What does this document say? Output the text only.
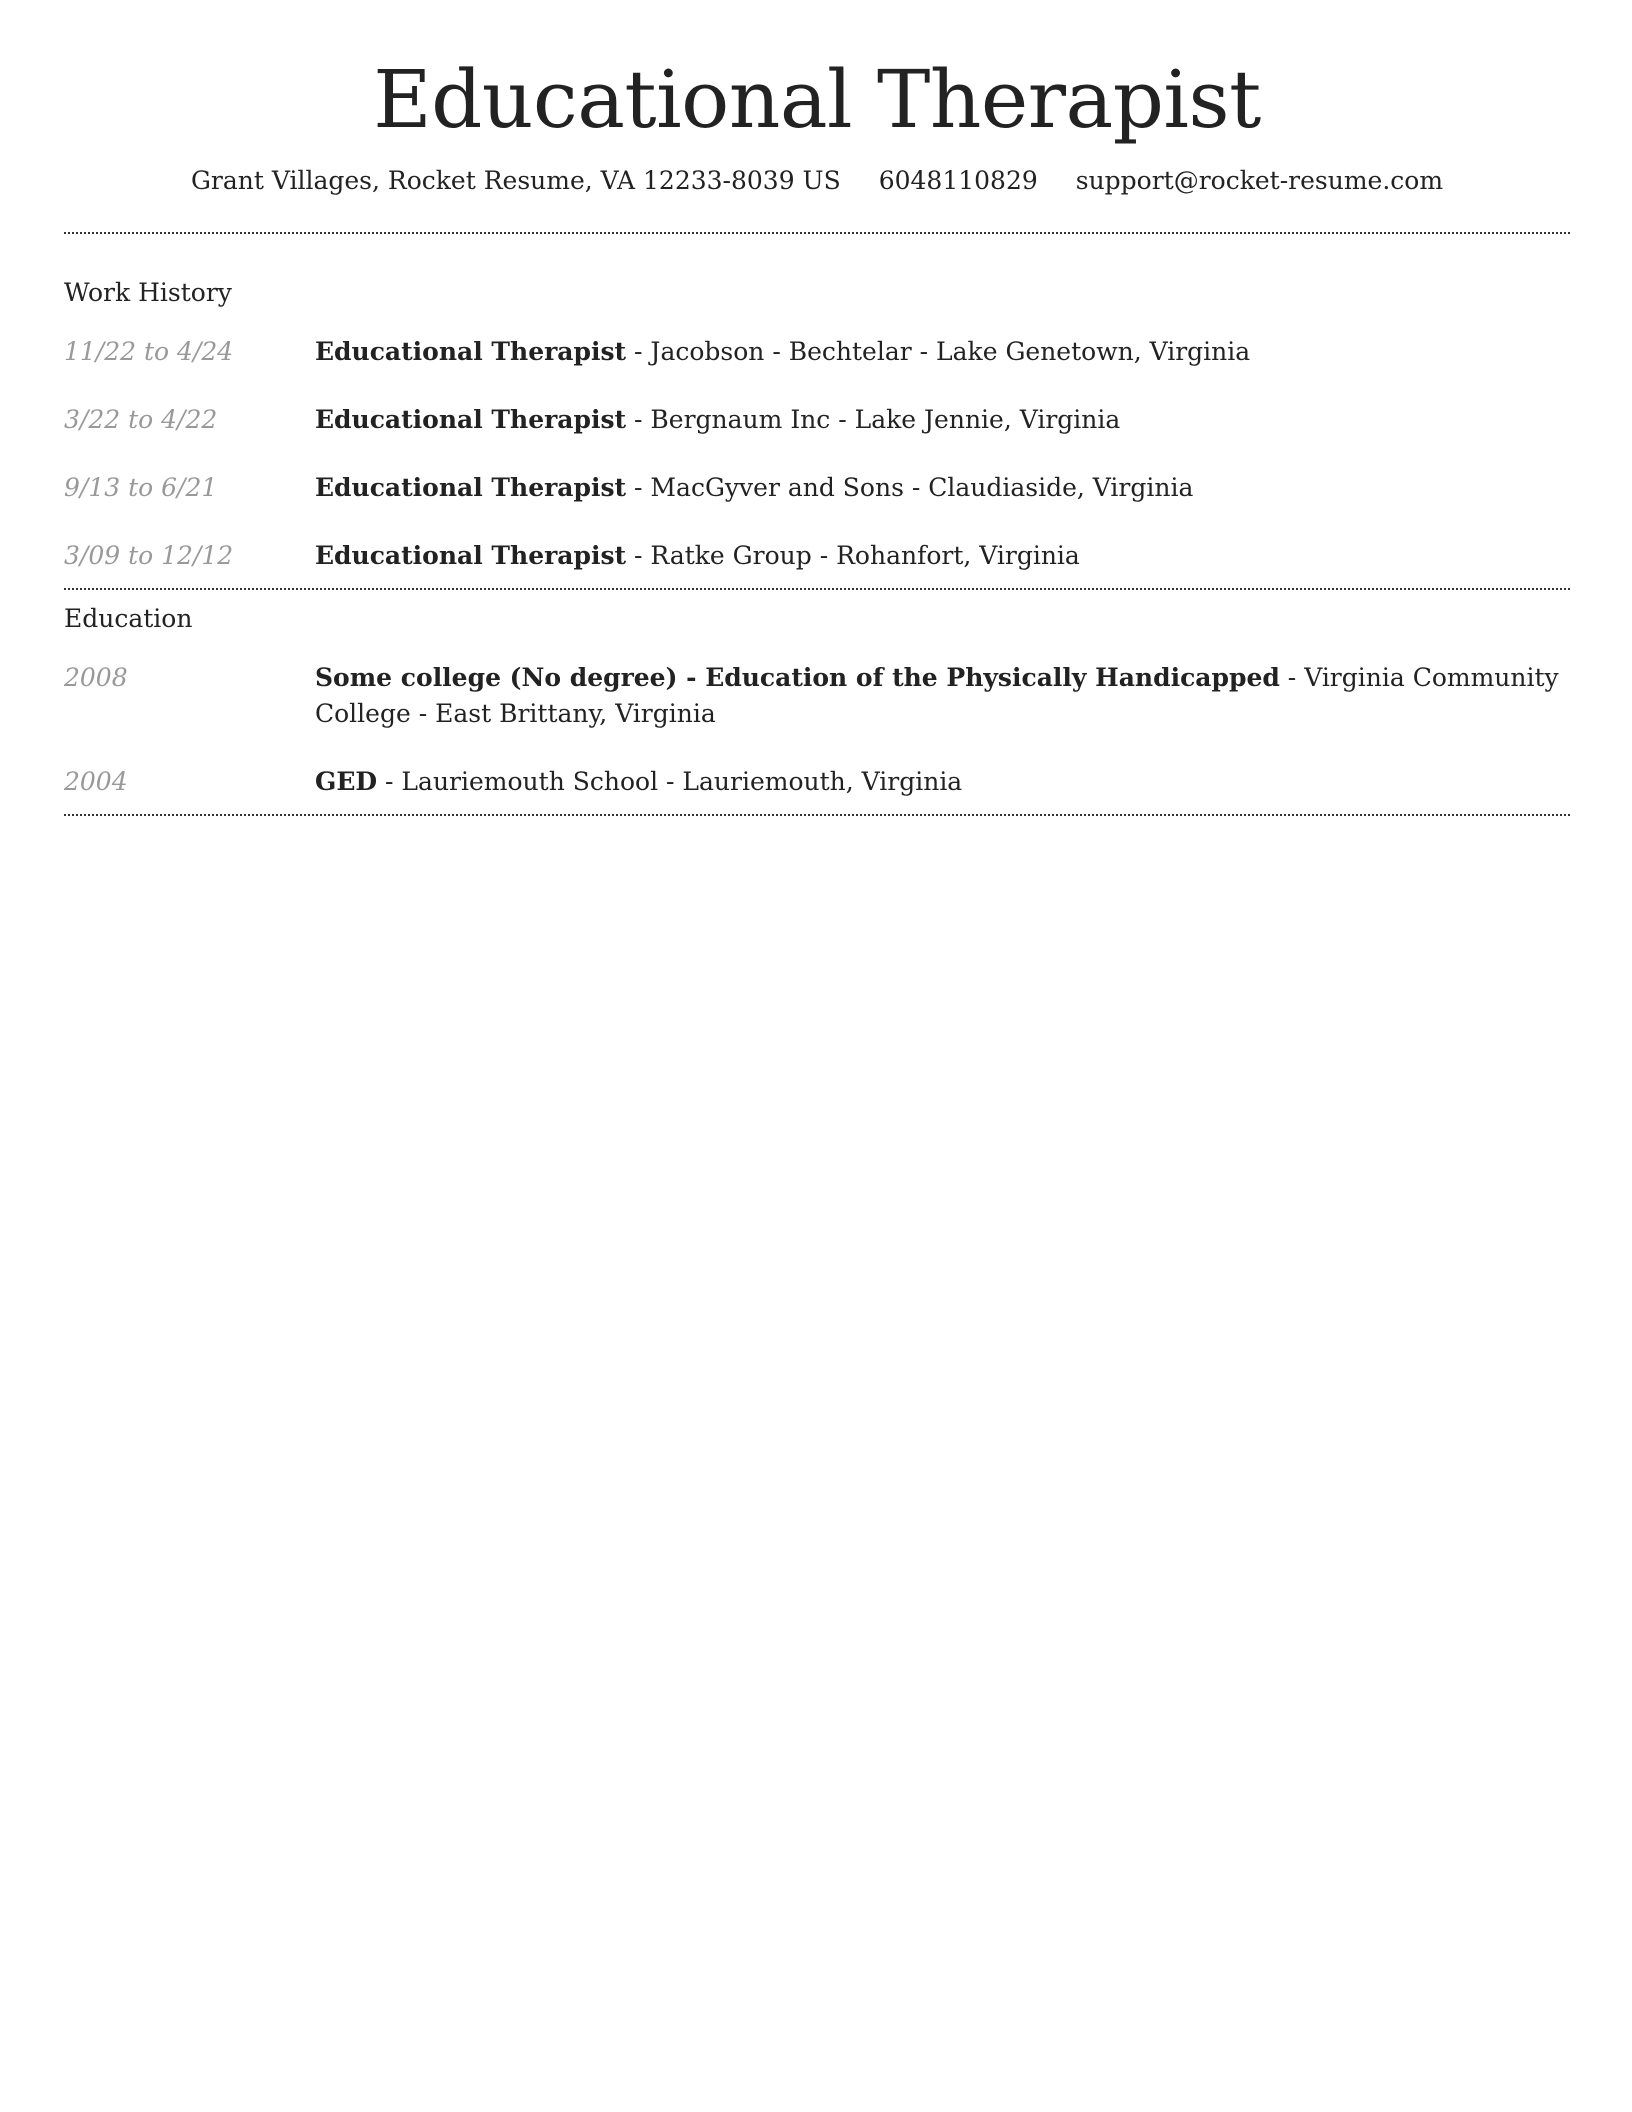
Educational Therapist
Grant Villages, Rocket Resume, VA 12233-8039 US 6048110829 support@rocket-resume.com
Work History
11/22 to 4/24	Educational Therapist - Jacobson - Bechtelar - Lake Genetown, Virginia
3/22 to 4/22	Educational Therapist - Bergnaum Inc - Lake Jennie, Virginia
9/13 to 6/21	Educational Therapist - MacGyver and Sons - Claudiaside, Virginia
3/09 to 12/12	Educational Therapist - Ratke Group - Rohanfort, Virginia
Education
2008	Some college (No degree) - Education of the Physically Handicapped - Virginia Community College - East Brittany, Virginia
2004	GED - Lauriemouth School - Lauriemouth, Virginia
